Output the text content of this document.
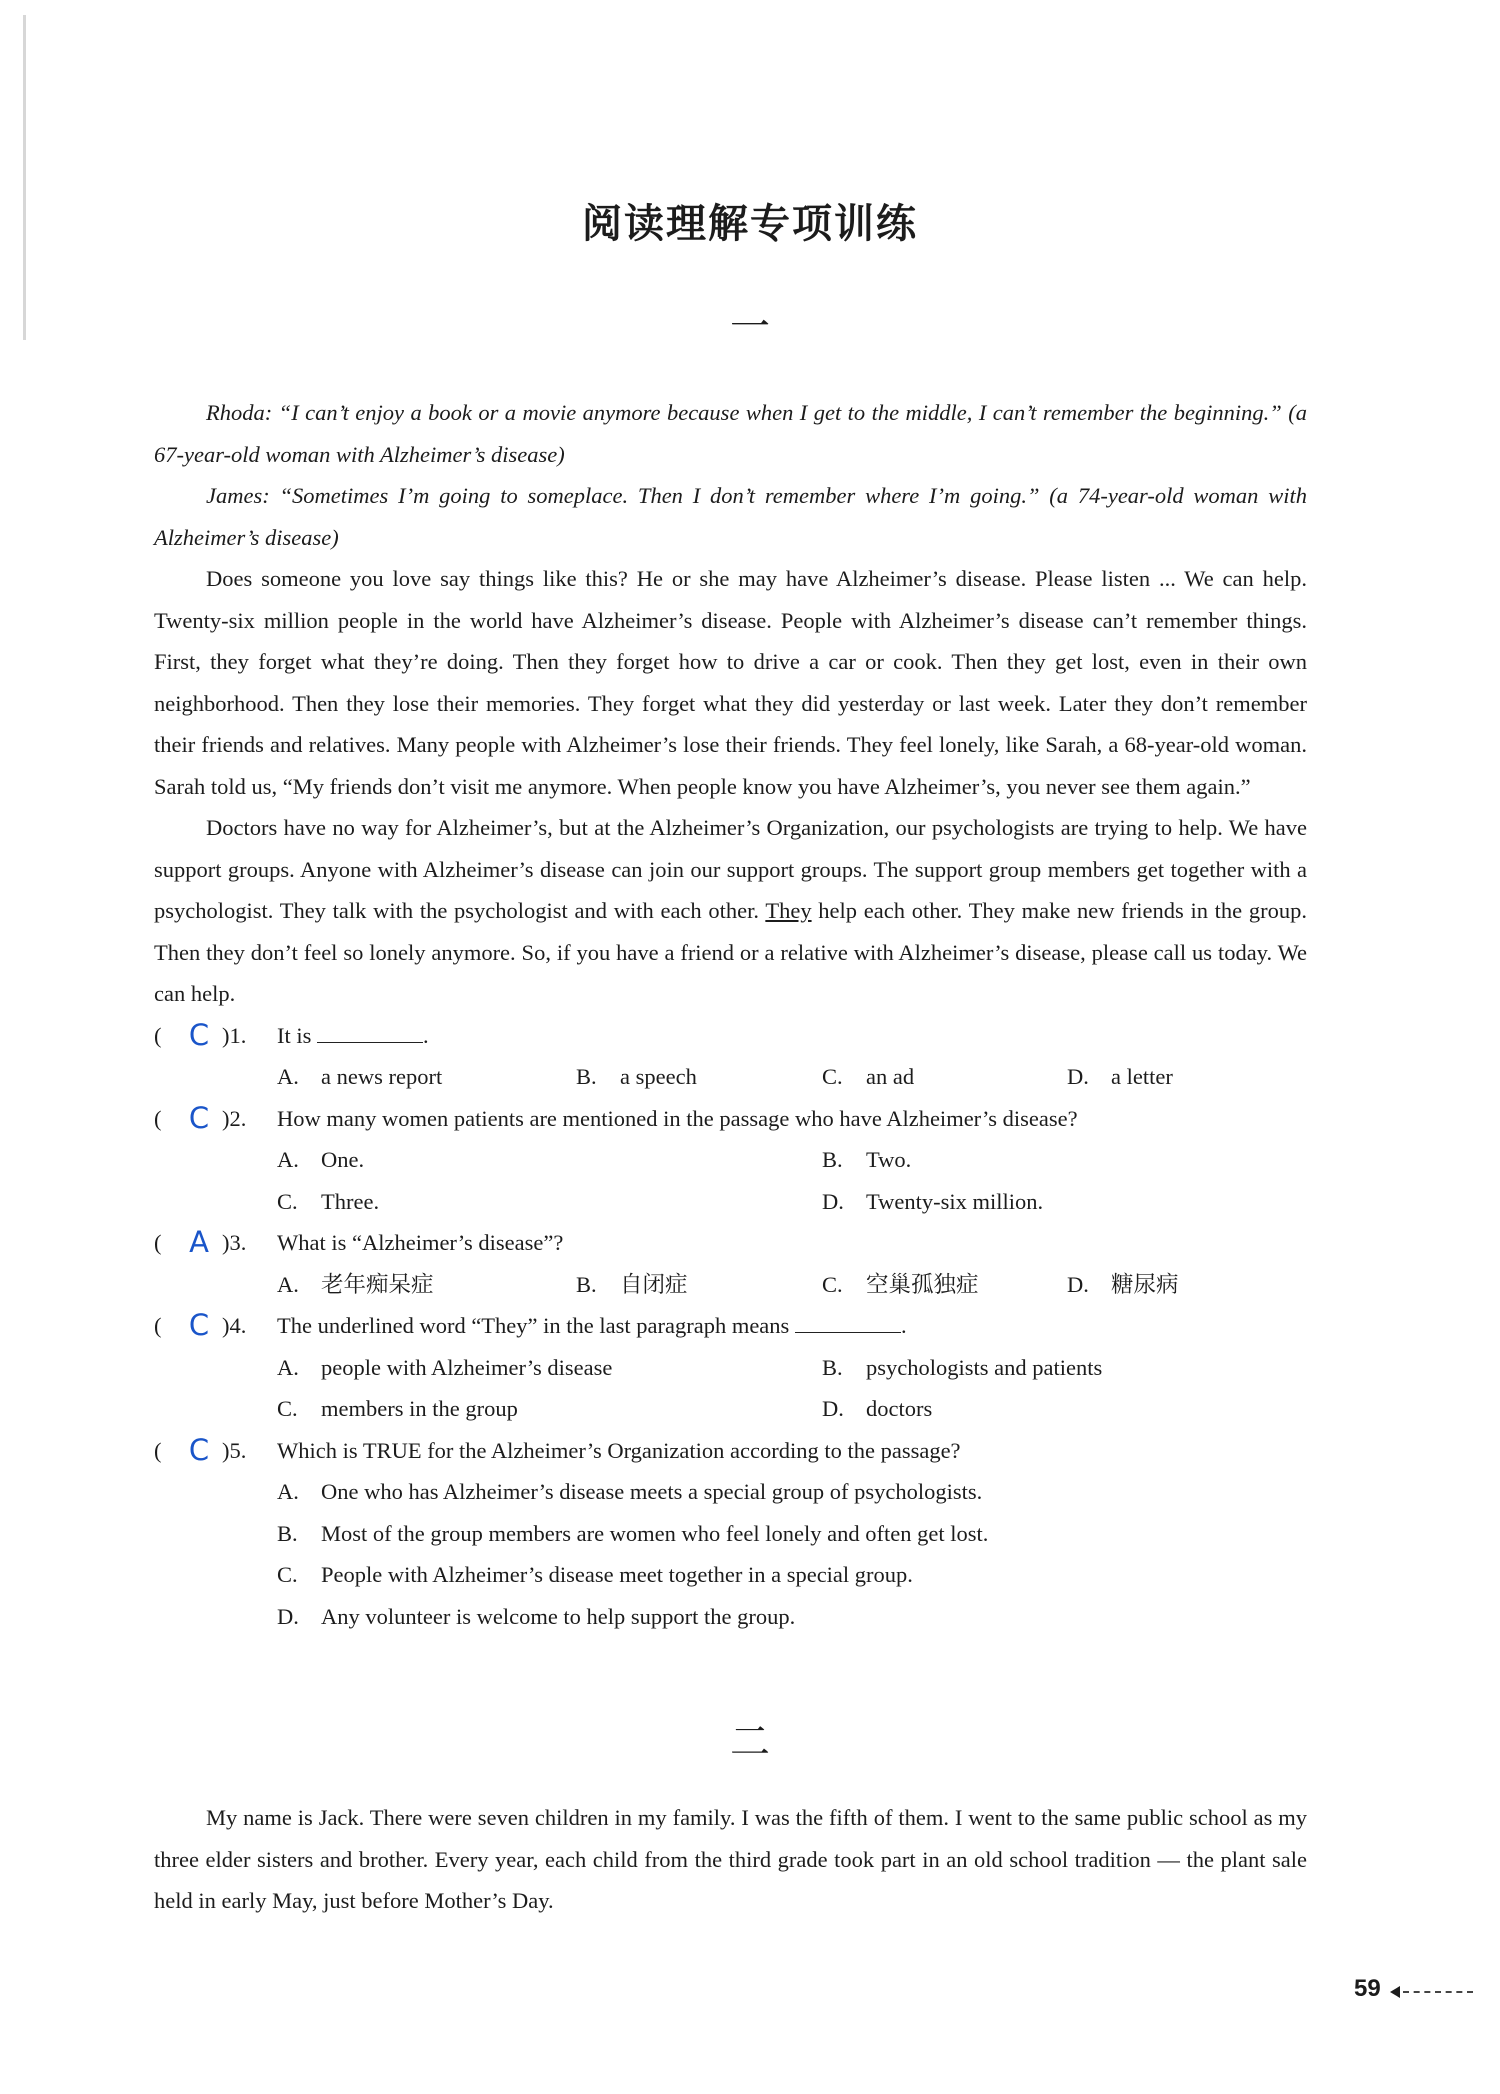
阅读理解专项训练
一

Rhoda: “I can’t enjoy a book or a movie anymore because when I get to the middle, I can’t remember the beginning.” (a 67-year-old woman with Alzheimer’s disease)

James: “Sometimes I’m going to someplace. Then I don’t remember where I’m going.” (a 74-year-old woman with Alzheimer’s disease)

Does someone you love say things like this? He or she may have Alzheimer’s disease. Please listen ... We can help. Twenty-six million people in the world have Alzheimer’s disease. People with Alzheimer’s disease can’t remember things. First, they forget what they’re doing. Then they forget how to drive a car or cook. Then they get lost, even in their own neighborhood. Then they lose their memories. They forget what they did yesterday or last week. Later they don’t remember their friends and relatives. Many people with Alzheimer’s lose their friends. They feel lonely, like Sarah, a 68-year-old woman. Sarah told us, “My friends don’t visit me anymore. When people know you have Alzheimer’s, you never see them again.”

Doctors have no way for Alzheimer’s, but at the Alzheimer’s Organization, our psychologists are trying to help. We have support groups. Anyone with Alzheimer’s disease can join our support groups. The support group members get together with a psychologist. They talk with the psychologist and with each other. They help each other. They make new friends in the group. Then they don’t feel so lonely anymore. So, if you have a friend or a relative with Alzheimer’s disease, please call us today. We can help.

( C )1. It is	.
A. a news report	B. a speech	C. an ad	D. a letter
( C )2. How many women patients are mentioned in the passage who have Alzheimer’s disease?
A. One.	B. Two.
C. Three.	D. Twenty-six million.
( A )3. What is “Alzheimer’s disease”?
A. 老年痴呆症	B. 自闭症	C. 空巢孤独症	D. 糖尿病
( C )4. The underlined word “They” in the last paragraph means	.
A. people with Alzheimer’s disease	B. psychologists and patients
C. members in the group	D. doctors
( C )5. Which is TRUE for the Alzheimer’s Organization according to the passage?
A. One who has Alzheimer’s disease meets a special group of psychologists.
B. Most of the group members are women who feel lonely and often get lost.
C. People with Alzheimer’s disease meet together in a special group.
D. Any volunteer is welcome to help support the group.
二

My name is Jack. There were seven children in my family. I was the fifth of them. I went to the same public school as my three elder sisters and brother. Every year, each child from the third grade took part in an old school tradition — the plant sale held in early May, just before Mother’s Day.

59
